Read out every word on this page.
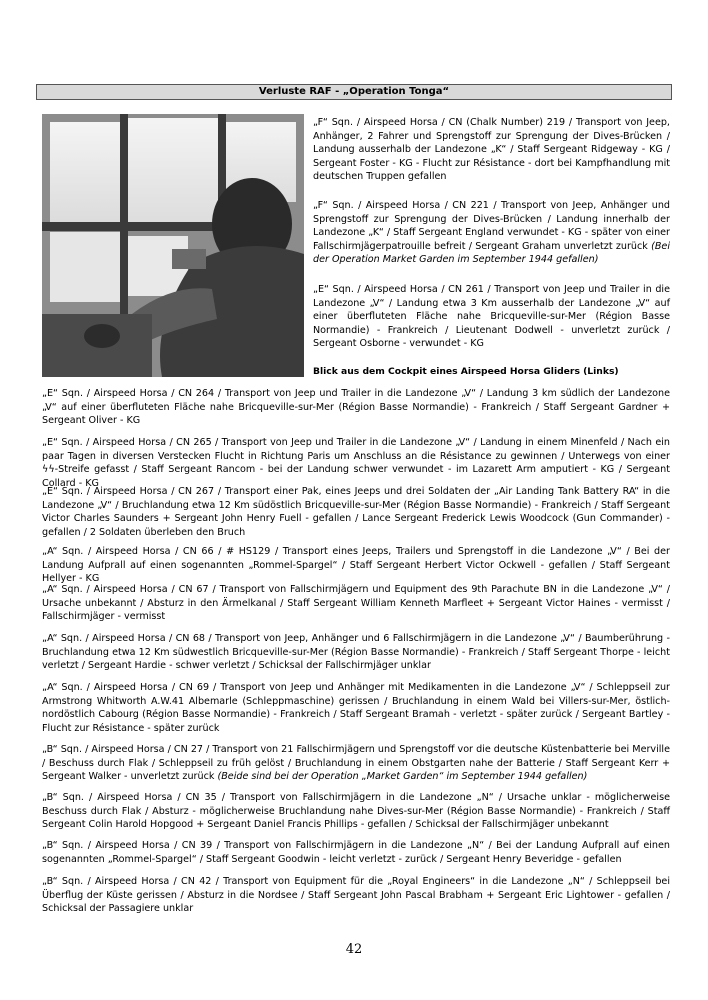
Verluste RAF - „Operation Tonga“
„F“ Sqn. / Airspeed Horsa / CN (Chalk Number) 219 / Transport von Jeep, Anhänger, 2 Fahrer und Sprengstoff zur Sprengung der Dives-Brücken / Landung ausserhalb der Landezone „K“ / Staff Sergeant Ridgeway - KG / Sergeant Foster - KG - Flucht zur Résistance - dort bei Kampfhandlung mit deutschen Truppen gefallen
„F“ Sqn. / Airspeed Horsa / CN 221 / Transport von Jeep, Anhänger und Sprengstoff zur Sprengung der Dives-Brücken / Landung innerhalb der Landezone „K“ / Staff Sergeant England verwundet - KG - später von einer Fallschirmjägerpatrouille befreit / Sergeant Graham unverletzt zurück (Bei der Operation Market Garden im September 1944 gefallen)
„E“ Sqn. / Airspeed Horsa / CN 261 / Transport von Jeep und Trailer in die Landezone „V“ / Landung etwa 3 Km ausserhalb der Landezone „V“ auf einer überfluteten Fläche nahe Bricqueville-sur-Mer (Région Basse Normandie) - Frankreich / Lieutenant Dodwell - unverletzt zurück / Sergeant Osborne - verwundet - KG
Blick aus dem Cockpit eines Airspeed Horsa Gliders (Links)
„E“ Sqn. / Airspeed Horsa / CN 264 / Transport von Jeep und Trailer in die Landezone „V“ / Landung 3 km südlich der Landezone „V“ auf einer überfluteten Fläche nahe Bricqueville-sur-Mer (Région Basse Normandie) - Frankreich / Staff Sergeant Gardner + Sergeant Oliver - KG
„E“ Sqn. / Airspeed Horsa / CN 265 / Transport von Jeep und Trailer in die Landezone „V“ / Landung in einem Minenfeld / Nach ein paar Tagen in diversen Verstecken Flucht in Richtung Paris um Anschluss an die Résistance zu gewinnen / Unterwegs von einer ϟϟ-Streife gefasst / Staff Sergeant Rancom - bei der Landung schwer verwundet - im Lazarett Arm amputiert - KG / Sergeant Collard - KG
„E“ Sqn. / Airspeed Horsa / CN 267 / Transport einer Pak, eines Jeeps und drei Soldaten der „Air Landing Tank Battery RA“ in die Landezone „V“ / Bruchlandung etwa 12 Km südöstlich Bricqueville-sur-Mer (Région Basse Normandie) - Frankreich / Staff Sergeant Victor Charles Saunders + Sergeant John Henry Fuell - gefallen / Lance Sergeant Frederick Lewis Woodcock (Gun Commander) - gefallen / 2 Soldaten überleben den Bruch
„A“ Sqn. / Airspeed Horsa / CN 66 / # HS129 / Transport eines Jeeps, Trailers und Sprengstoff in die Landezone „V“ / Bei der Landung Aufprall auf einen sogenannten „Rommel-Spargel“ / Staff Sergeant Herbert Victor Ockwell - gefallen / Staff Sergeant Hellyer - KG
„A“ Sqn. / Airspeed Horsa / CN 67 / Transport von Fallschirmjägern und Equipment des 9th Parachute BN in die Landezone „V“ / Ursache unbekannt / Absturz in den Ärmelkanal / Staff Sergeant William Kenneth Marfleet + Sergeant Victor Haines - vermisst / Fallschirmjäger - vermisst
„A“ Sqn. / Airspeed Horsa / CN 68 / Transport von Jeep, Anhänger und 6 Fallschirmjägern in die Landezone „V“ / Baumberührung - Bruchlandung etwa 12 Km südwestlich Bricqueville-sur-Mer (Région Basse Normandie) - Frankreich / Staff Sergeant Thorpe - leicht verletzt / Sergeant Hardie - schwer verletzt / Schicksal der Fallschirmjäger unklar
„A“ Sqn. / Airspeed Horsa / CN 69 / Transport von Jeep und Anhänger mit Medikamenten in die Landezone „V“ / Schleppseil zur Armstrong Whitworth A.W.41 Albemarle (Schleppmaschine) gerissen / Bruchlandung in einem Wald bei Villers-sur-Mer, östlich-nordöstlich Cabourg (Région Basse Normandie) - Frankreich / Staff Sergeant Bramah - verletzt - später zurück / Sergeant Bartley - Flucht zur Résistance - später zurück
„B“ Sqn. / Airspeed Horsa / CN 27 / Transport von 21 Fallschirmjägern und Sprengstoff vor die deutsche Küstenbatterie bei Merville / Beschuss durch Flak / Schleppseil zu früh gelöst / Bruchlandung in einem Obstgarten nahe der Batterie / Staff Sergeant Kerr + Sergeant Walker - unverletzt zurück (Beide sind bei der Operation „Market Garden“ im September 1944 gefallen)
„B“ Sqn. / Airspeed Horsa / CN 35 / Transport von Fallschirmjägern in die Landezone „N“ / Ursache unklar - möglicherweise Beschuss durch Flak / Absturz - möglicherweise Bruchlandung nahe Dives-sur-Mer (Région Basse Normandie) - Frankreich / Staff Sergeant Colin Harold Hopgood + Sergeant Daniel Francis Phillips - gefallen / Schicksal der Fallschirmjäger unbekannt
„B“ Sqn. / Airspeed Horsa / CN 39 / Transport von Fallschirmjägern in die Landezone „N“ / Bei der Landung Aufprall auf einen sogenannten „Rommel-Spargel“ / Staff Sergeant Goodwin - leicht verletzt - zurück / Sergeant Henry Beveridge - gefallen
„B“ Sqn. / Airspeed Horsa / CN 42 / Transport von Equipment für die „Royal Engineers“ in die Landezone „N“ / Schleppseil bei Überflug der Küste gerissen / Absturz in die Nordsee / Staff Sergeant John Pascal Brabham + Sergeant Eric Lightower - gefallen / Schicksal der Passagiere unklar
42
